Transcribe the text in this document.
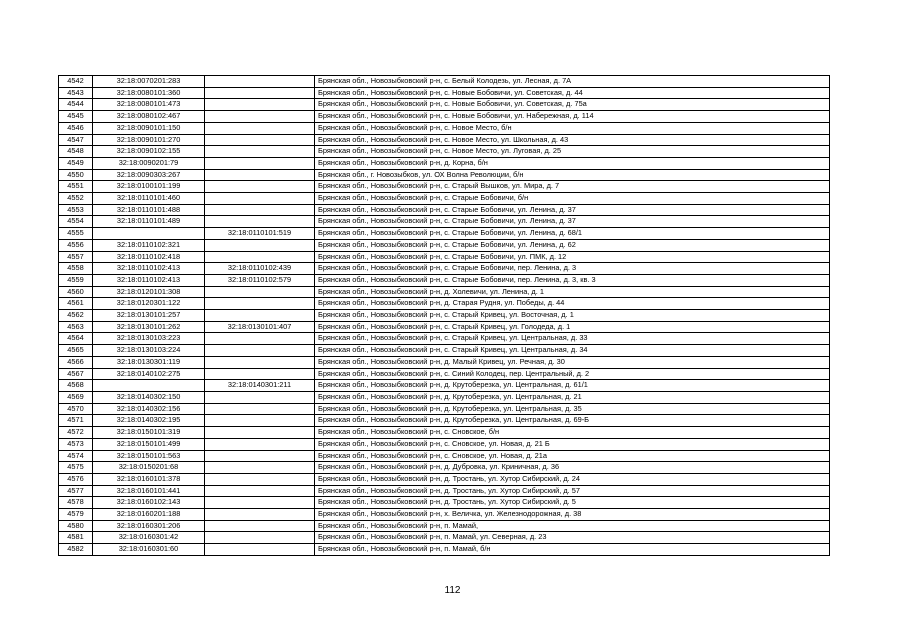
4542	32:18:0070201:283		Брянская обл., Новозыбковский р-н, с. Белый Колодезь, ул. Лесная, д. 7А
4543	32:18:0080101:360		Брянская обл., Новозыбковский р-н, с. Новые Бобовичи, ул. Советская, д. 44
4544	32:18:0080101:473		Брянская обл., Новозыбковский р-н, с. Новые Бобовичи, ул. Советская, д. 75а
4545	32:18:0080102:467		Брянская обл., Новозыбковский р-н, с. Новые Бобовичи, ул. Набережная, д. 114
4546	32:18:0090101:150		Брянская обл., Новозыбковский р-н, с. Новое Место, б/н
4547	32:18:0090101:270		Брянская обл., Новозыбковский р-н, с. Новое Место, ул. Школьная, д. 43
4548	32:18:0090102:155		Брянская обл., Новозыбковский р-н, с. Новое Место, ул. Луговая, д. 25
4549	32:18:0090201:79		Брянская обл., Новозыбковский р-н, д. Корна, б/н
4550	32:18:0090303:267		Брянская обл., г. Новозыбков, ул. ОХ Волна Революции, б/н
4551	32:18:0100101:199		Брянская обл., Новозыбковский р-н, с. Старый Вышков, ул. Мира, д. 7
4552	32:18:0110101:460		Брянская обл., Новозыбковский р-н, с. Старые Бобовичи, б/н
4553	32:18:0110101:488		Брянская обл., Новозыбковский р-н, с. Старые Бобовичи, ул. Ленина, д. 37
4554	32:18:0110101:489		Брянская обл., Новозыбковский р-н, с. Старые Бобовичи, ул. Ленина, д. 37
4555		32:18:0110101:519	Брянская обл., Новозыбковский р-н, с. Старые Бобовичи, ул. Ленина, д. 68/1
4556	32:18:0110102:321		Брянская обл., Новозыбковский р-н, с. Старые Бобовичи, ул. Ленина, д. 62
4557	32:18:0110102:418		Брянская обл., Новозыбковский р-н, с. Старые Бобовичи, ул. ПМК, д. 12
4558	32:18:0110102:413	32:18:0110102:439	Брянская обл., Новозыбковский р-н, с. Старые Бобовичи, пер. Ленина, д. 3
4559	32:18:0110102:413	32:18:0110102:579	Брянская обл., Новозыбковский р-н, с. Старые Бобовичи, пер. Ленина, д. 3, кв. 3
4560	32:18:0120101:308		Брянская обл., Новозыбковский р-н, д. Холевичи, ул. Ленина, д. 1
4561	32:18:0120301:122		Брянская обл., Новозыбковский р-н, д. Старая Рудня, ул. Победы, д. 44
4562	32:18:0130101:257		Брянская обл., Новозыбковский р-н, с. Старый Кривец, ул. Восточная, д. 1
4563	32:18:0130101:262	32:18:0130101:407	Брянская обл., Новозыбковский р-н, с. Старый Кривец, ул. Голодеда, д. 1
4564	32:18:0130103:223		Брянская обл., Новозыбковский р-н, с. Старый Кривец, ул. Центральная, д. 33
4565	32:18:0130103:224		Брянская обл., Новозыбковский р-н, с. Старый Кривец, ул. Центральная, д. 34
4566	32:18:0130301:119		Брянская обл., Новозыбковский р-н, д. Малый Кривец, ул. Речная, д. 30
4567	32:18:0140102:275		Брянская обл., Новозыбковский р-н, с. Синий Колодец, пер. Центральный, д. 2
4568		32:18:0140301:211	Брянская обл., Новозыбковский р-н, д. Крутоберезка, ул. Центральная, д. 61/1
4569	32:18:0140302:150		Брянская обл., Новозыбковский р-н, д. Крутоберезка, ул. Центральная, д. 21
4570	32:18:0140302:156		Брянская обл., Новозыбковский р-н, д. Крутоберезка, ул. Центральная, д. 35
4571	32:18:0140302:195		Брянская обл., Новозыбковский р-н, д. Крутоберезка, ул. Центральная, д. 69-Б
4572	32:18:0150101:319		Брянская обл., Новозыбковский р-н, с. Сновское, б/н
4573	32:18:0150101:499		Брянская обл., Новозыбковский р-н, с. Сновское, ул. Новая, д. 21 Б
4574	32:18:0150101:563		Брянская обл., Новозыбковский р-н, с. Сновское, ул. Новая, д. 21а
4575	32:18:0150201:68		Брянская обл., Новозыбковский р-н, д. Дубровка, ул. Криничная, д. 36
4576	32:18:0160101:378		Брянская обл., Новозыбковский р-н, д. Тростань, ул. Хутор Сибирский, д. 24
4577	32:18:0160101:441		Брянская обл., Новозыбковский р-н, д. Тростань, ул. Хутор Сибирский, д. 57
4578	32:18:0160102:143		Брянская обл., Новозыбковский р-н, д. Тростань, ул. Хутор Сибирский, д. 5
4579	32:18:0160201:188		Брянская обл., Новозыбковский р-н, х. Величка, ул. Железнодорожная, д. 38
4580	32:18:0160301:206		Брянская обл., Новозыбковский р-н, п. Мамай,
4581	32:18:0160301:42		Брянская обл., Новозыбковский р-н, п. Мамай, ул. Северная, д. 23
4582	32:18:0160301:60		Брянская обл., Новозыбковский р-н, п. Мамай, б/н
112
